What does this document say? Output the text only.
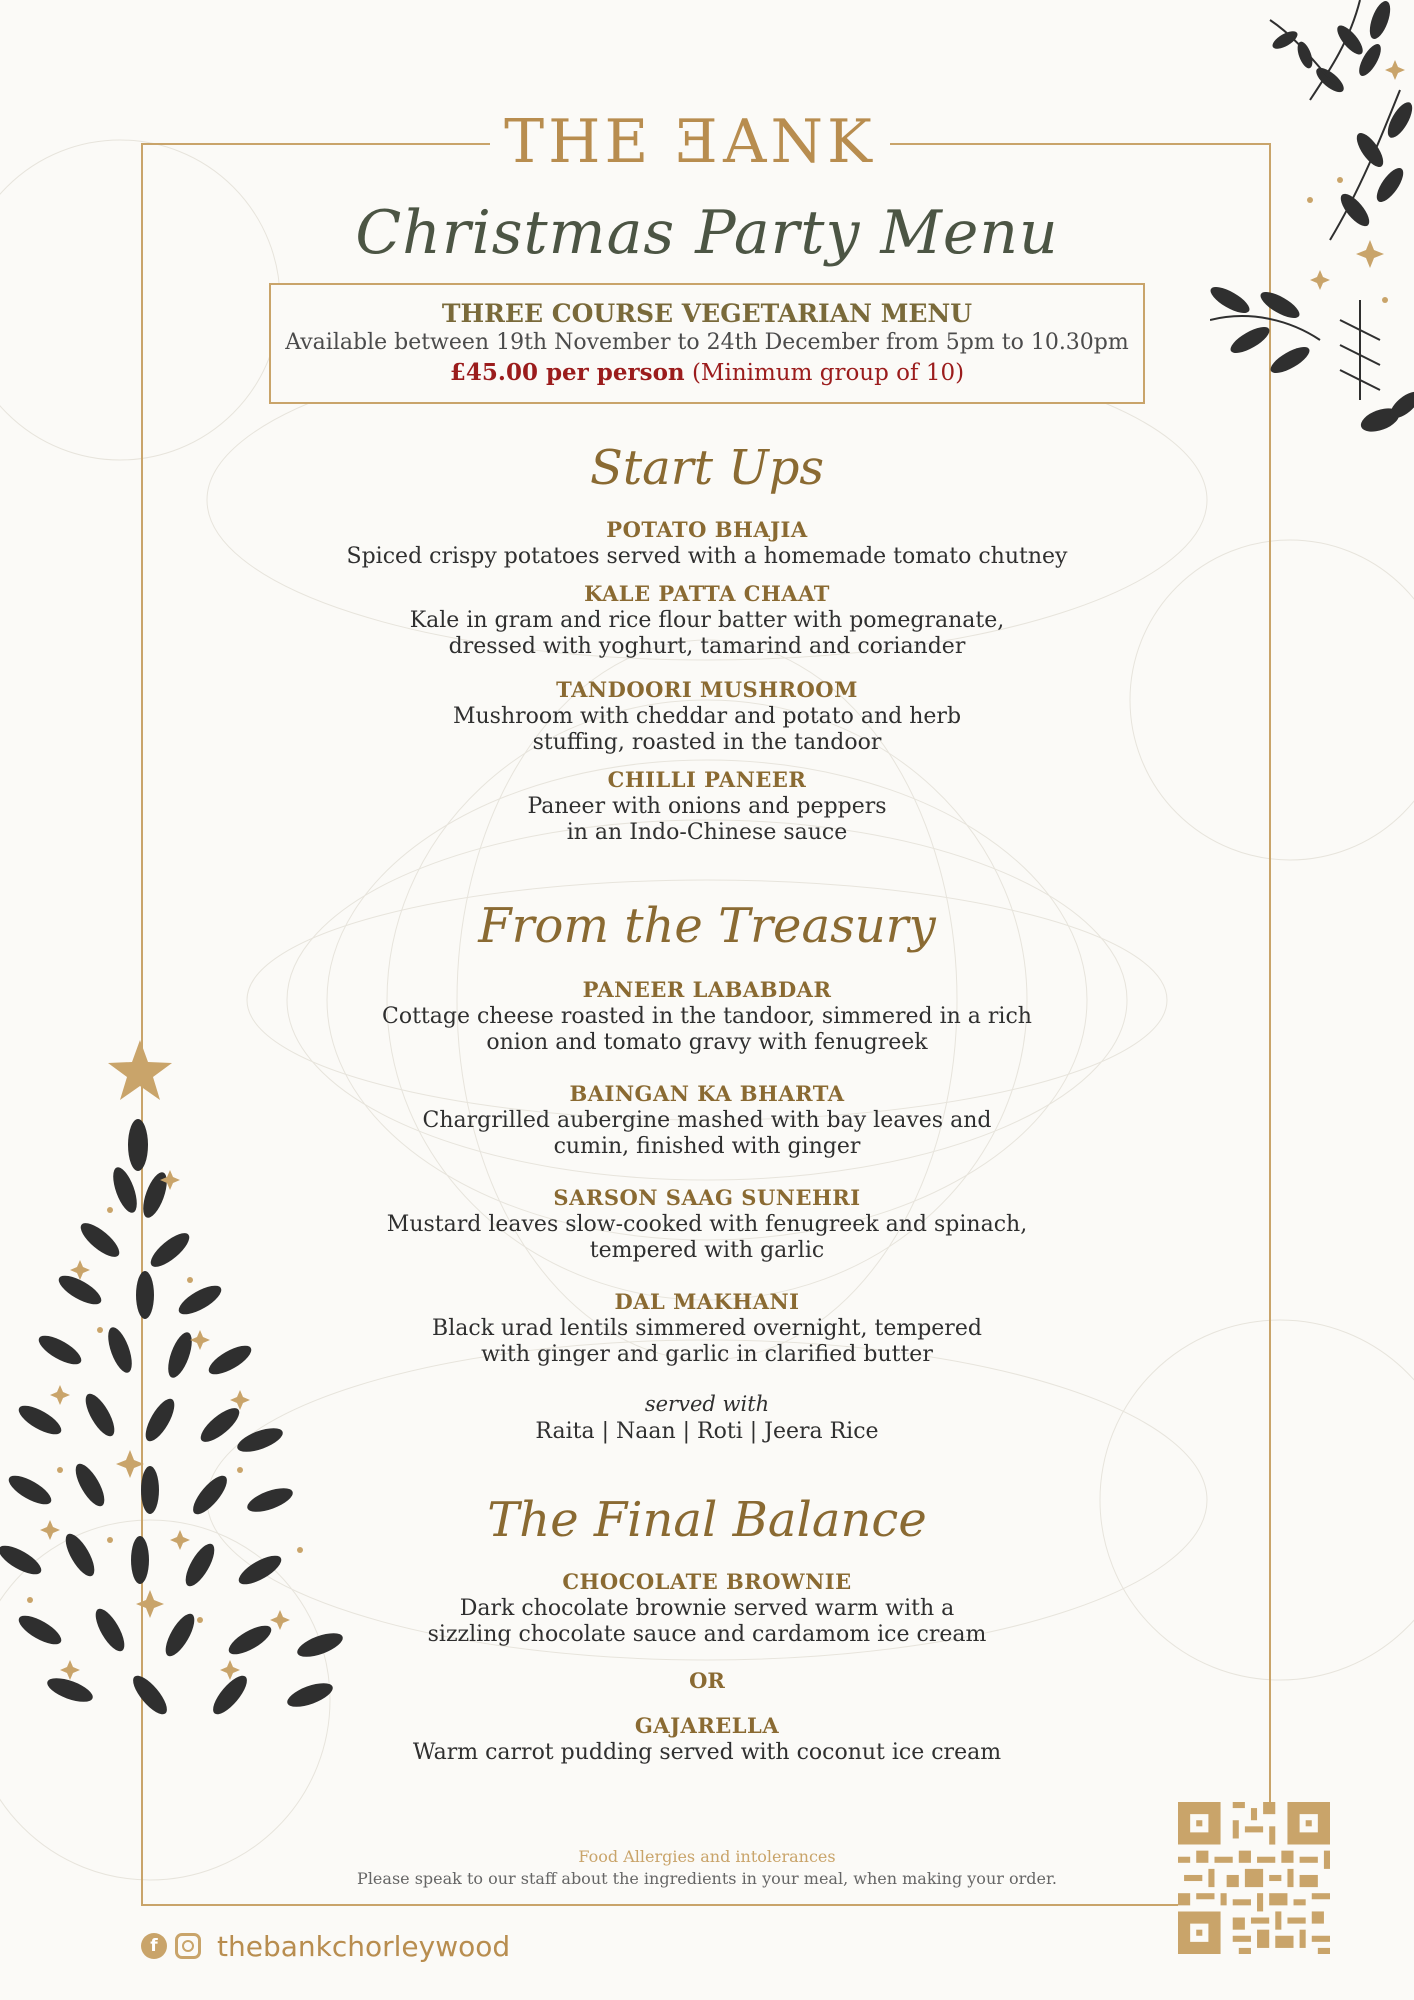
THE ƎANK
Christmas Party Menu
THREE COURSE VEGETARIAN MENU
Available between 19th November to 24th December from 5pm to 10.30pm
£45.00 per person (Minimum group of 10)
Start Ups
POTATO BHAJIA
Spiced crispy potatoes served with a homemade tomato chutney
KALE PATTA CHAAT
Kale in gram and rice flour batter with pomegranate,
dressed with yoghurt, tamarind and coriander
TANDOORI MUSHROOM
Mushroom with cheddar and potato and herb
stuffing, roasted in the tandoor
CHILLI PANEER
Paneer with onions and peppers
in an Indo-Chinese sauce
From the Treasury
PANEER LABABDAR
Cottage cheese roasted in the tandoor, simmered in a rich
onion and tomato gravy with fenugreek
BAINGAN KA BHARTA
Chargrilled aubergine mashed with bay leaves and
cumin, finished with ginger
SARSON SAAG SUNEHRI
Mustard leaves slow-cooked with fenugreek and spinach,
tempered with garlic
DAL MAKHANI
Black urad lentils simmered overnight, tempered
with ginger and garlic in clarified butter
served with
Raita | Naan | Roti | Jeera Rice
The Final Balance
CHOCOLATE BROWNIE
Dark chocolate brownie served warm with a
sizzling chocolate sauce and cardamom ice cream
OR
GAJARELLA
Warm carrot pudding served with coconut ice cream
Food Allergies and intolerances
Please speak to our staff about the ingredients in your meal, when making your order.
f	thebankchorleywood
